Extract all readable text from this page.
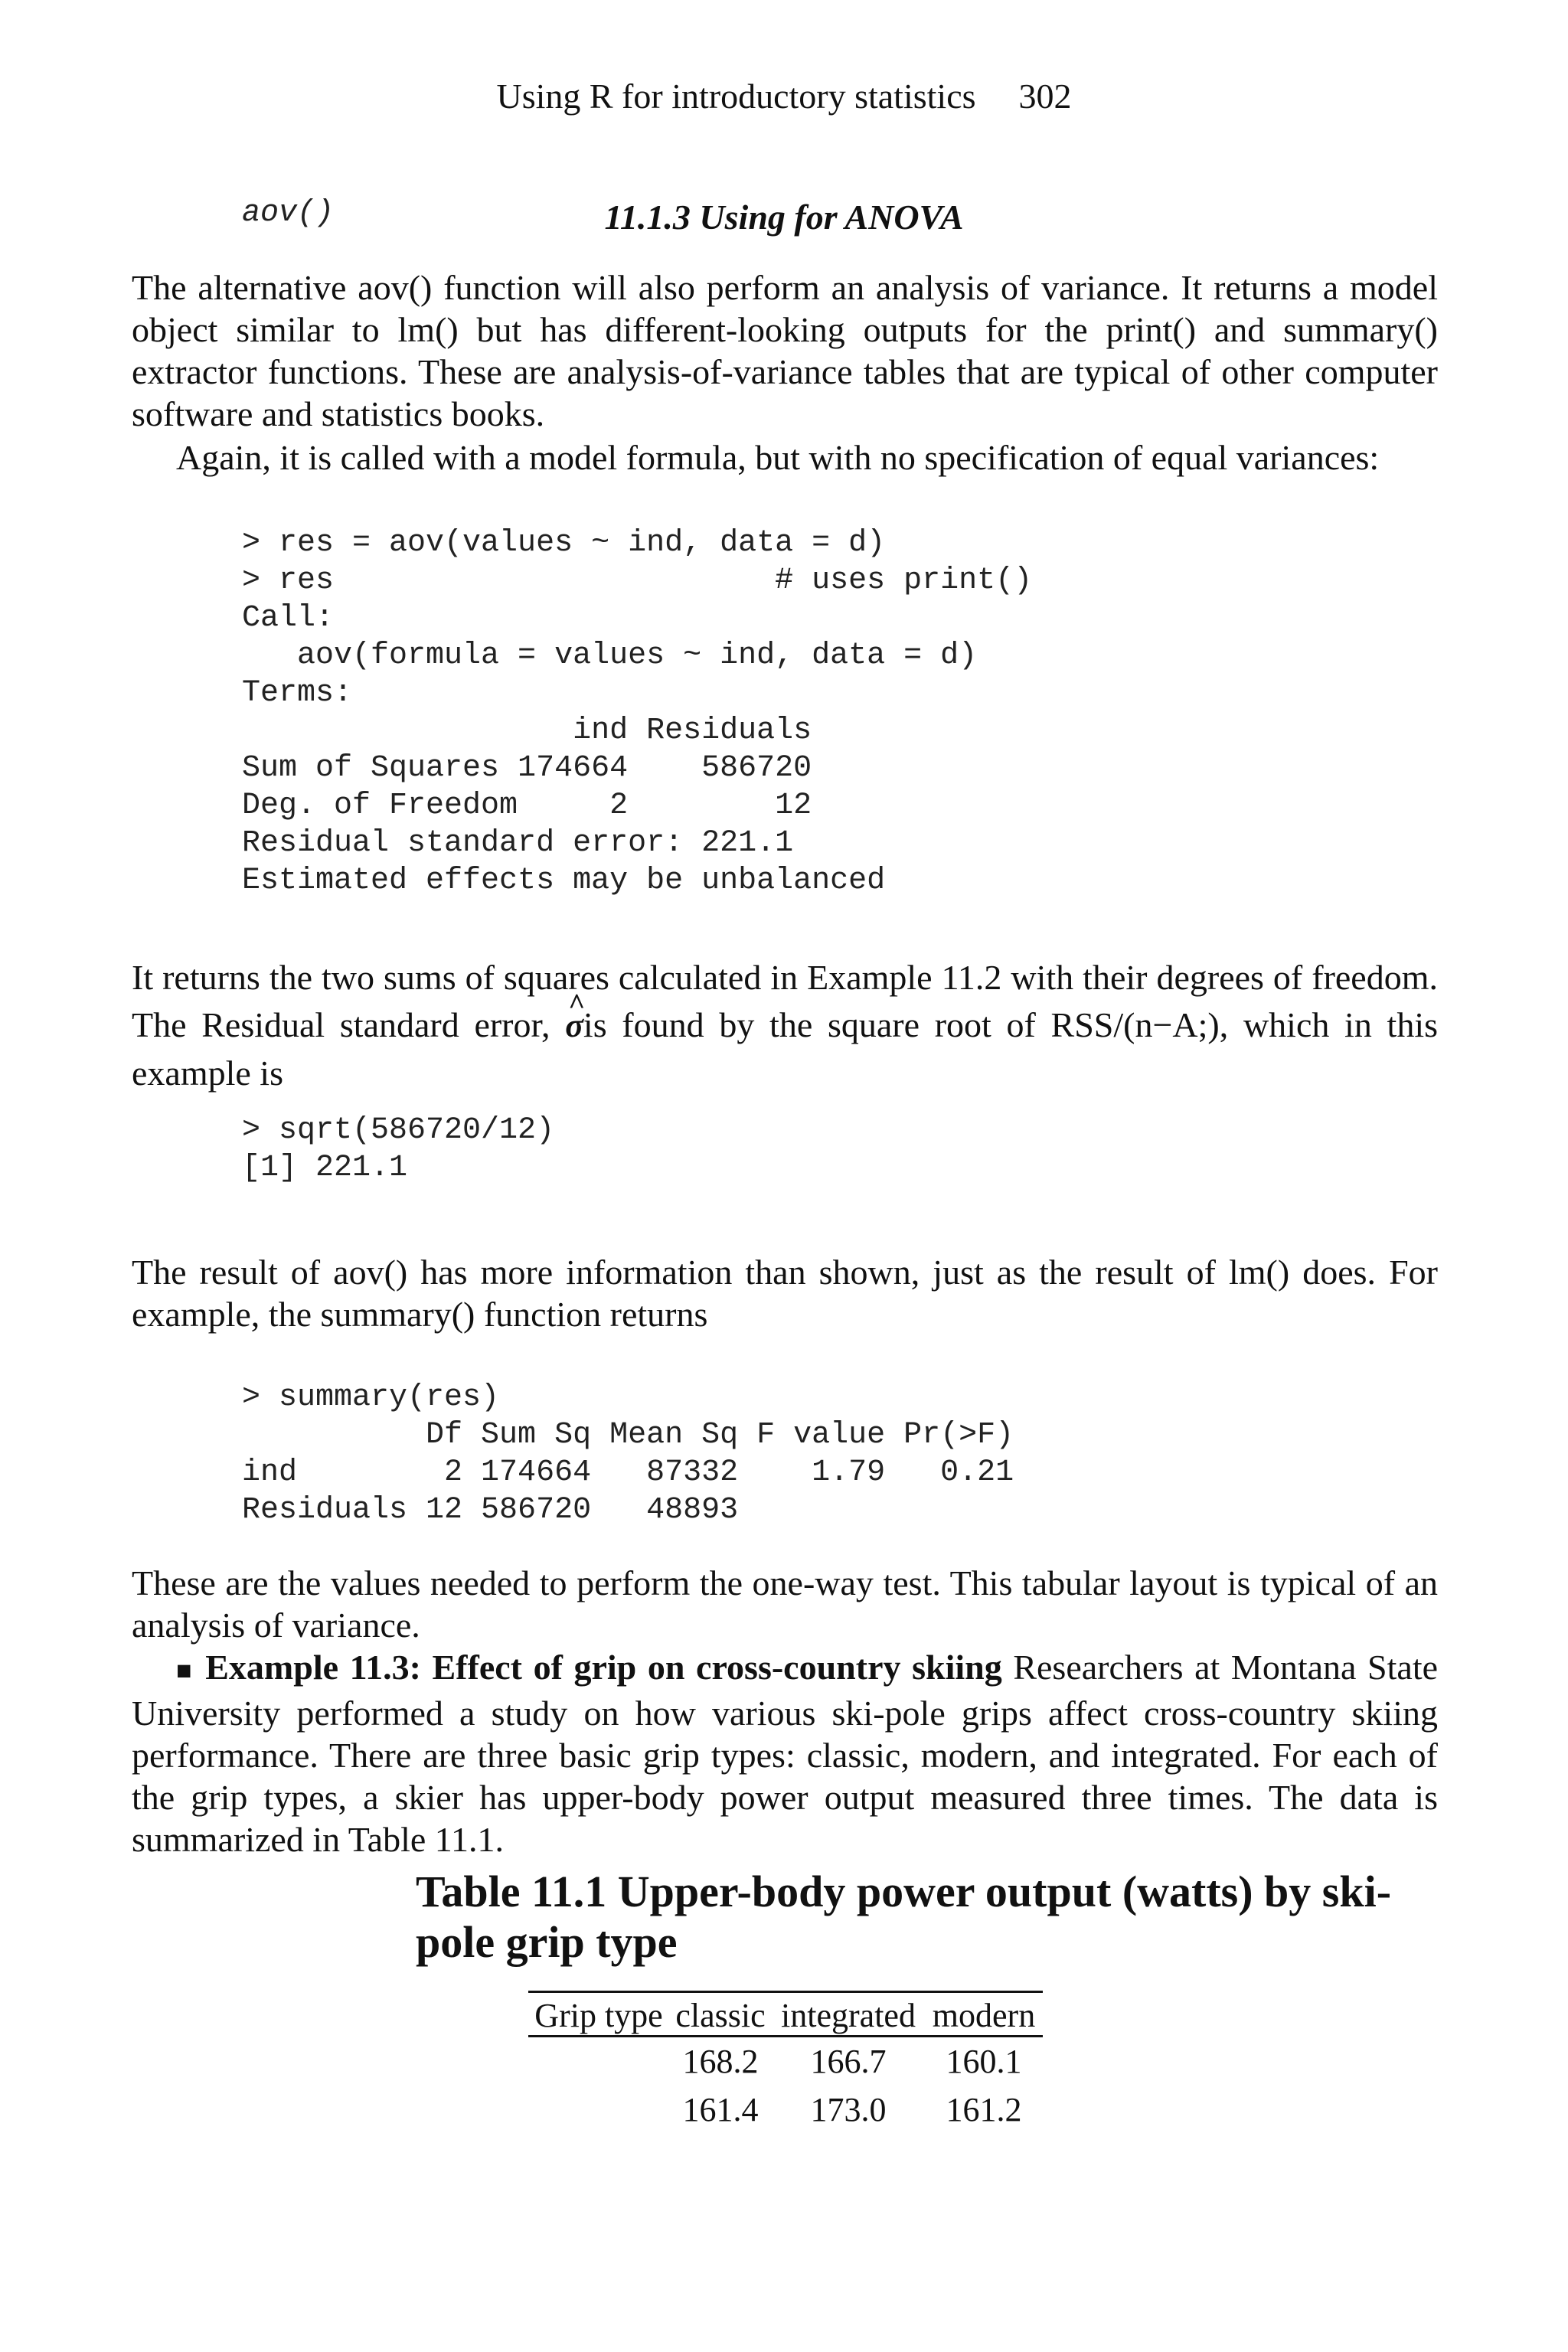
Using R for introductory statistics 302
11.1.3 Using
aov()	for ANOVA

The alternative aov() function will also perform an analysis of variance. It returns a model object similar to lm() but has different-looking outputs for the print() and summary() extractor functions. These are analysis-of-variance tables that are typical of other computer software and statistics books.

Again, it is called with a model formula, but with no specification of equal variances:

> res = aov(values ~ ind, data = d)
> res                        # uses print()
Call:
aov(formula = values ~ ind, data = d)
Terms:
ind Residuals
Sum of Squares 174664    586720
Deg. of Freedom     2        12
Residual standard error: 221.1
Estimated effects may be unbalanced

It returns the two sums of squares calculated in Example 11.2 with their degrees of freedom. The Residual standard error, ^ σis found by the square root of RSS/(n−A;), which in this example is

> sqrt(586720/12)
[1] 221.1

The result of aov() has more information than shown, just as the result of lm() does. For example, the summary() function returns

> summary(res)
Df Sum Sq Mean Sq F value Pr(>F)
ind        2 174664   87332    1.79   0.21
Residuals 12 586720   48893

These are the values needed to perform the one-way test. This tabular layout is typical of an analysis of variance.

■ Example 11.3: Effect of grip on cross-country skiing Researchers at Montana State University performed a study on how various ski-pole grips affect cross-country skiing performance. There are three basic grip types: classic, modern, and integrated. For each of the grip types, a skier has upper-body power output measured three times. The data is summarized in Table 11.1.

Table 11.1 Upper-body power output (watts) by ski-pole grip type
Grip type	classic	integrated	modern
	168.2	166.7	160.1
	161.4	173.0	161.2
